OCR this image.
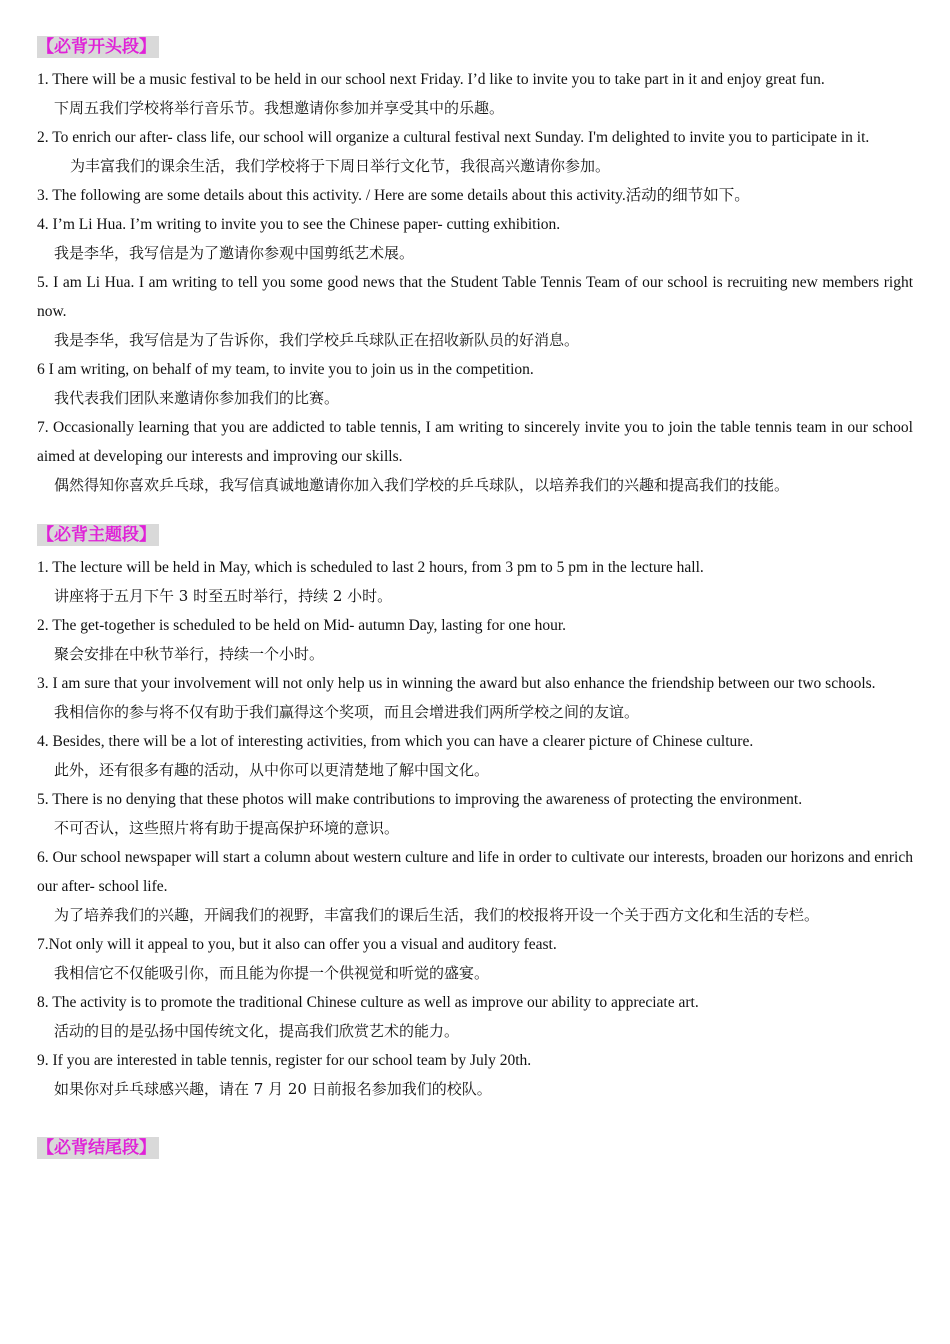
【必背开头段】

1. There will be a music festival to be held in our school next Friday. I’d like to invite you to take part in it and enjoy great fun.

下周五我们学校将举行音乐节。我想邀请你参加并享受其中的乐趣。

2. To enrich our after- class life, our school will organize a cultural festival next Sunday. I'm delighted to invite you to participate in it.

为丰富我们的课余生活，我们学校将于下周日举行文化节，我很高兴邀请你参加。

3. The following are some details about this activity. / Here are some details about this activity.活动的细节如下。

4. I’m Li Hua. I’m writing to invite you to see the Chinese paper- cutting exhibition.

我是李华，我写信是为了邀请你参观中国剪纸艺术展。

5. I am Li Hua. I am writing to tell you some good news that the Student Table Tennis Team of our school is recruiting new members right now.

我是李华，我写信是为了告诉你，我们学校乒乓球队正在招收新队员的好消息。

6 I am writing, on behalf of my team, to invite you to join us in the competition.

我代表我们团队来邀请你参加我们的比赛。

7. Occasionally learning that you are addicted to table tennis, I am writing to sincerely invite you to join the table tennis team in our school aimed at developing our interests and improving our skills.

偶然得知你喜欢乒乓球，我写信真诚地邀请你加入我们学校的乒乓球队，以培养我们的兴趣和提高我们的技能。

【必背主题段】

1. The lecture will be held in May, which is scheduled to last 2 hours, from 3 pm to 5 pm in the lecture hall.

讲座将于五月下午 3 时至五时举行，持续 2 小时。

2. The get-together is scheduled to be held on Mid- autumn Day, lasting for one hour.

聚会安排在中秋节举行，持续一个小时。

3. I am sure that your involvement will not only help us in winning the award but also enhance the friendship between our two schools.

我相信你的参与将不仅有助于我们赢得这个奖项，而且会增进我们两所学校之间的友谊。

4. Besides, there will be a lot of interesting activities, from which you can have a clearer picture of Chinese culture.

此外，还有很多有趣的活动，从中你可以更清楚地了解中国文化。

5. There is no denying that these photos will make contributions to improving the awareness of protecting the environment.

不可否认，这些照片将有助于提高保护环境的意识。

6. Our school newspaper will start a column about western culture and life in order to cultivate our interests, broaden our horizons and enrich our after- school life.

为了培养我们的兴趣，开阔我们的视野，丰富我们的课后生活，我们的校报将开设一个关于西方文化和生活的专栏。

7.Not only will it appeal to you, but it also can offer you a visual and auditory feast.

我相信它不仅能吸引你，而且能为你提一个供视觉和听觉的盛宴。

8. The activity is to promote the traditional Chinese culture as well as improve our ability to appreciate art.

活动的目的是弘扬中国传统文化，提高我们欣赏艺术的能力。

9. If you are interested in table tennis, register for our school team by July 20th.

如果你对乒乓球感兴趣，请在 7 月 20 日前报名参加我们的校队。

【必背结尾段】
